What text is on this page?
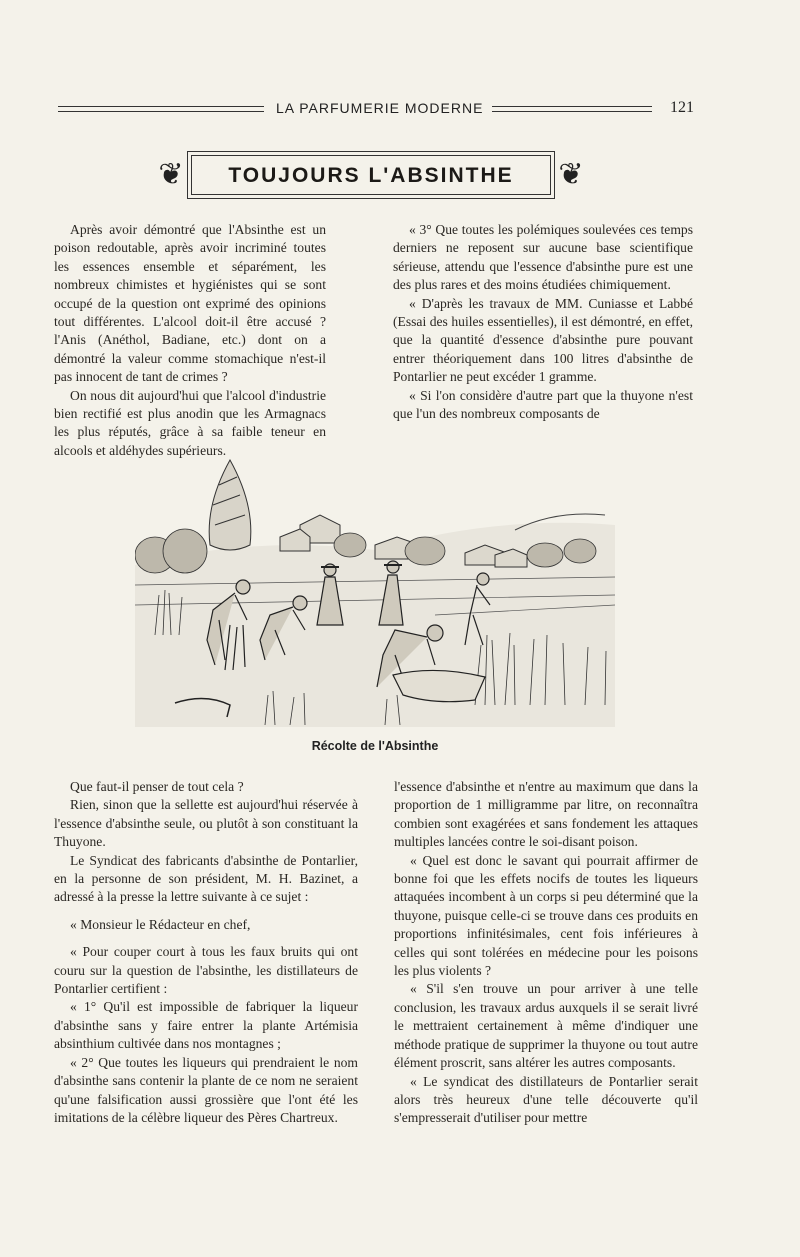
LA PARFUMERIE MODERNE	121
❦	TOUJOURS L'ABSINTHE	❦

Après avoir démontré que l'Absinthe est un poison redoutable, après avoir incriminé toutes les essences ensemble et séparément, les nombreux chimistes et hygiénistes qui se sont occupé de la question ont exprimé des opinions tout différentes. L'alcool doit-il être accusé ? l'Anis (Anéthol, Badiane, etc.) dont on a démontré la valeur comme stomachique n'est-il pas innocent de tant de crimes ?

On nous dit aujourd'hui que l'alcool d'industrie bien rectifié est plus anodin que les Armagnacs les plus réputés, grâce à sa faible teneur en alcools et aldéhydes supérieurs.

« 3° Que toutes les polémiques soulevées ces temps derniers ne reposent sur aucune base scientifique sérieuse, attendu que l'essence d'absinthe pure est une des plus rares et des moins étudiées chimiquement.

« D'après les travaux de MM. Cuniasse et Labbé (Essai des huiles essentielles), il est démontré, en effet, que la quantité d'essence d'absinthe pure pouvant entrer théoriquement dans 100 litres d'absinthe de Pontarlier ne peut excéder 1 gramme.

« Si l'on considère d'autre part que la thuyone n'est que l'un des nombreux composants de

Récolte de l'Absinthe

Que faut-il penser de tout cela ?

Rien, sinon que la sellette est aujourd'hui réservée à l'essence d'absinthe seule, ou plutôt à son constituant la Thuyone.

Le Syndicat des fabricants d'absinthe de Pontarlier, en la personne de son président, M. H. Bazinet, a adressé à la presse la lettre suivante à ce sujet :

« Monsieur le Rédacteur en chef,

« Pour couper court à tous les faux bruits qui ont couru sur la question de l'absinthe, les distillateurs de Pontarlier certifient :

« 1° Qu'il est impossible de fabriquer la liqueur d'absinthe sans y faire entrer la plante Artémisia absinthium cultivée dans nos montagnes ;

« 2° Que toutes les liqueurs qui prendraient le nom d'absinthe sans contenir la plante de ce nom ne seraient qu'une falsification aussi grossière que l'ont été les imitations de la célèbre liqueur des Pères Chartreux.

l'essence d'absinthe et n'entre au maximum que dans la proportion de 1 milligramme par litre, on reconnaîtra combien sont exagérées et sans fondement les attaques multiples lancées contre le soi-disant poison.

« Quel est donc le savant qui pourrait affirmer de bonne foi que les effets nocifs de toutes les liqueurs attaquées incombent à un corps si peu déterminé que la thuyone, puisque celle-ci se trouve dans ces produits en proportions infinitésimales, cent fois inférieures à celles qui sont tolérées en médecine pour les poisons les plus violents ?

« S'il s'en trouve un pour arriver à une telle conclusion, les travaux ardus auxquels il se serait livré le mettraient certainement à même d'indiquer une méthode pratique de supprimer la thuyone ou tout autre élément proscrit, sans altérer les autres composants.

« Le syndicat des distillateurs de Pontarlier serait alors très heureux d'une telle découverte qu'il s'empresserait d'utiliser pour mettre
